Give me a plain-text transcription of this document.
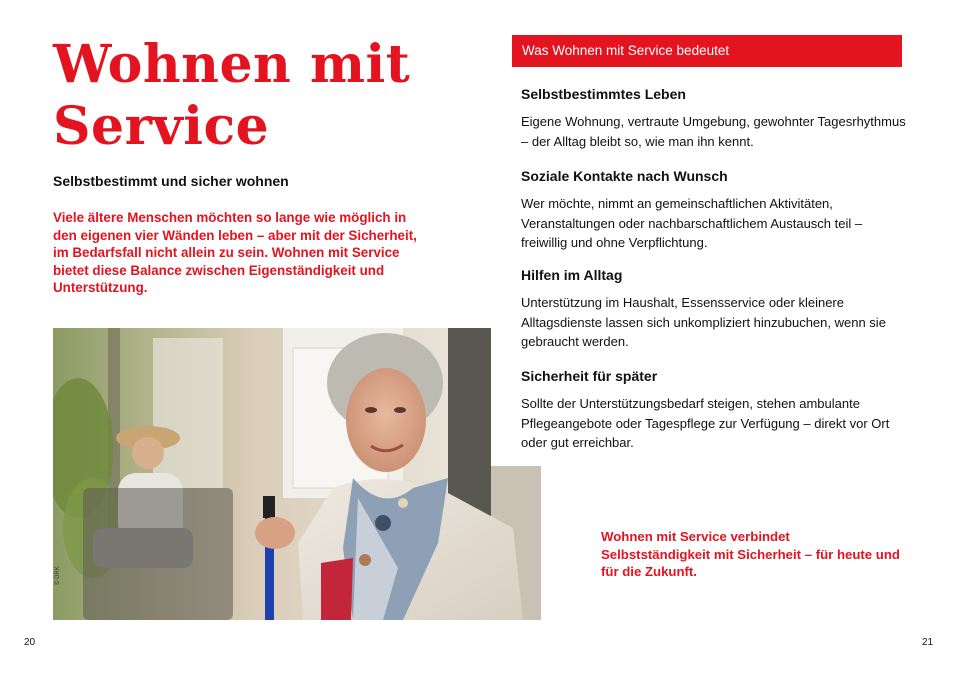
Wohnen mit
Service

Selbstbestimmt und sicher wohnen

Viele ältere Menschen möchten so lange wie möglich in den eigenen vier Wänden leben – aber mit der Sicherheit, im Bedarfsfall nicht allein zu sein. Wohnen mit Service bietet diese Balance zwischen Eigenständigkeit und Unterstützung.

© DRK
Was Wohnen mit Service bedeutet
Selbstbestimmtes Leben

Eigene Wohnung, vertraute Umgebung, gewohnter Tagesrhythmus – der Alltag bleibt so, wie man ihn kennt.

Soziale Kontakte nach Wunsch

Wer möchte, nimmt an gemeinschaftlichen Aktivitäten, Veranstaltungen oder nachbarschaftlichem Austausch teil – freiwillig und ohne Verpflichtung.

Hilfen im Alltag

Unterstützung im Haushalt, Essensservice oder kleinere Alltagsdienste lassen sich unkompliziert hinzubuchen, wenn sie gebraucht werden.

Sicherheit für später

Sollte der Unterstützungsbedarf steigen, stehen ambulante Pflegeangebote oder Tagespflege zur Verfügung – direkt vor Ort oder gut erreichbar.

Wohnen mit Service verbindet Selbstständigkeit mit Sicherheit – für heute und für die Zukunft.

20	21
